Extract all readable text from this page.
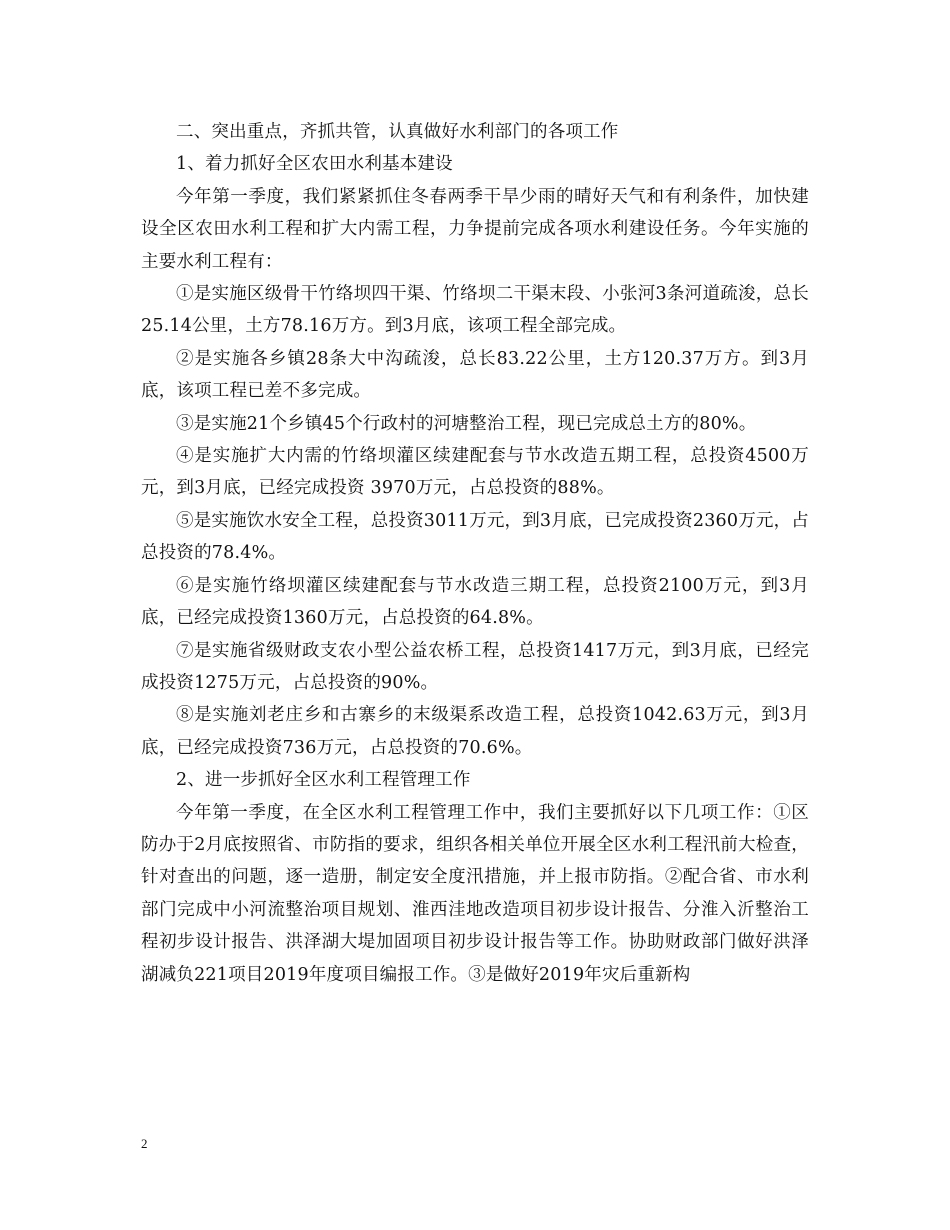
二、突出重点，齐抓共管，认真做好水利部门的各项工作

1、着力抓好全区农田水利基本建设

今年第一季度，我们紧紧抓住冬春两季干旱少雨的晴好天气和有利条件，加快建设全区农田水利工程和扩大内需工程，力争提前完成各项水利建设任务。今年实施的主要水利工程有：

①是实施区级骨干竹络坝四干渠、竹络坝二干渠末段、小张河3条河道疏浚，总长25.14公里，土方78.16万方。到3月底，该项工程全部完成。

②是实施各乡镇28条大中沟疏浚，总长83.22公里，土方120.37万方。到3月底，该项工程已差不多完成。

③是实施21个乡镇45个行政村的河塘整治工程，现已完成总土方的80%。

④是实施扩大内需的竹络坝灌区续建配套与节水改造五期工程，总投资4500万元，到3月底，已经完成投资 3970万元，占总投资的88%。

⑤是实施饮水安全工程，总投资3011万元，到3月底，已完成投资2360万元，占总投资的78.4%。

⑥是实施竹络坝灌区续建配套与节水改造三期工程，总投资2100万元，到3月底，已经完成投资1360万元，占总投资的64.8%。

⑦是实施省级财政支农小型公益农桥工程，总投资1417万元，到3月底，已经完成投资1275万元，占总投资的90%。

⑧是实施刘老庄乡和古寨乡的末级渠系改造工程，总投资1042.63万元，到3月底，已经完成投资736万元，占总投资的70.6%。

2、进一步抓好全区水利工程管理工作

今年第一季度，在全区水利工程管理工作中，我们主要抓好以下几项工作：①区防办于2月底按照省、市防指的要求，组织各相关单位开展全区水利工程汛前大检查，针对查出的问题，逐一造册，制定安全度汛措施，并上报市防指。②配合省、市水利部门完成中小河流整治项目规划、淮西洼地改造项目初步设计报告、分淮入沂整治工程初步设计报告、洪泽湖大堤加固项目初步设计报告等工作。协助财政部门做好洪泽湖减负221项目2019年度项目编报工作。③是做好2019年灾后重新构

2
